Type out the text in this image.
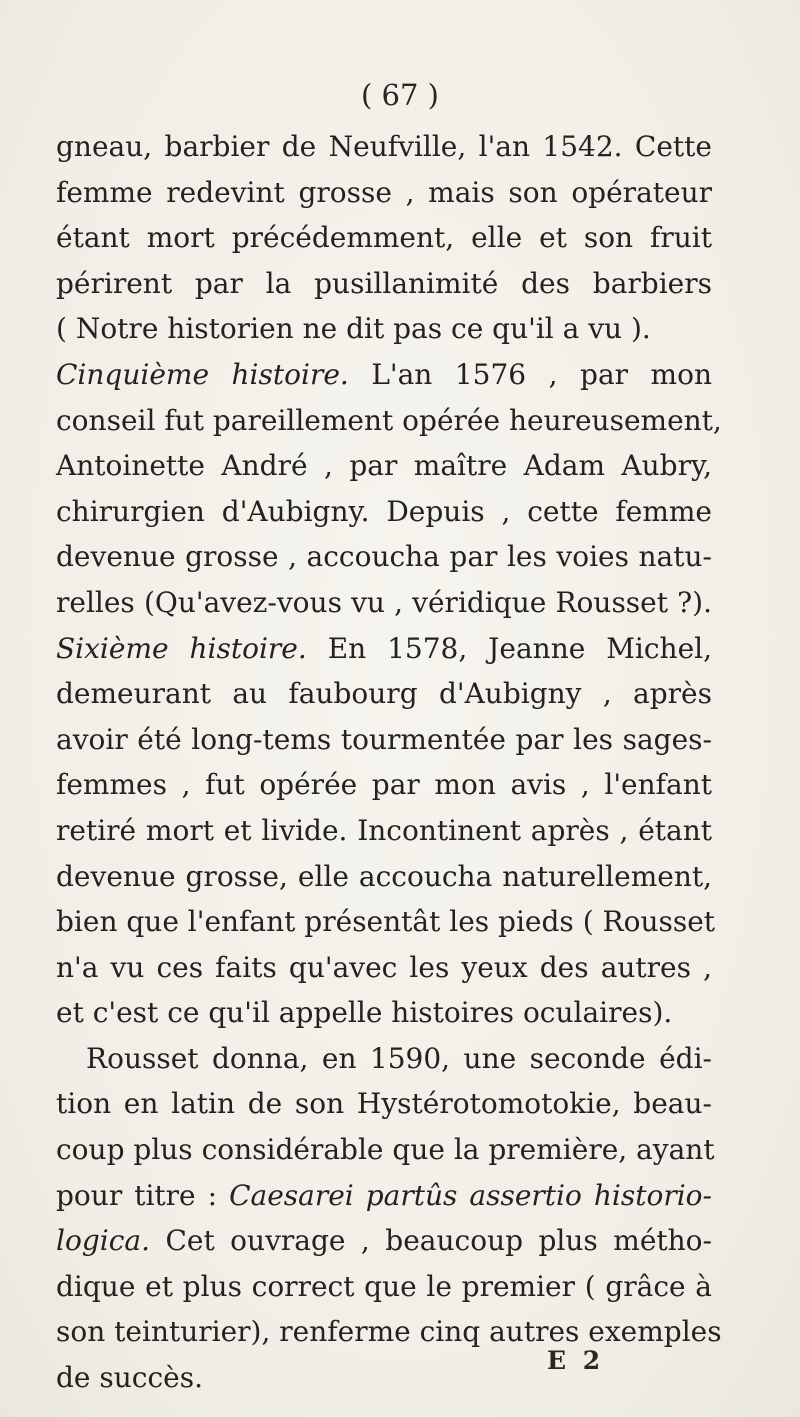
( 67 )
gneau, barbier de Neufville, l'an 1542. Cette
femme redevint grosse , mais son opérateur
étant mort précédemment, elle et son fruit
périrent par la pusillanimité des barbiers
( Notre historien ne dit pas ce qu'il a vu ).
Cinquième histoire. L'an 1576 , par mon
conseil fut pareillement opérée heureusement,
Antoinette André , par maître Adam Aubry,
chirurgien d'Aubigny. Depuis , cette femme
devenue grosse , accoucha par les voies natu-
relles (Qu'avez-vous vu , véridique Rousset ?).
Sixième histoire. En 1578, Jeanne Michel,
demeurant au faubourg d'Aubigny , après
avoir été long-tems tourmentée par les sages-
femmes , fut opérée par mon avis , l'enfant
retiré mort et livide. Incontinent après , étant
devenue grosse, elle accoucha naturellement,
bien que l'enfant présentât les pieds ( Rousset
n'a vu ces faits qu'avec les yeux des autres ,
et c'est ce qu'il appelle histoires oculaires).
Rousset donna, en 1590, une seconde édi-
tion en latin de son Hystérotomotokie, beau-
coup plus considérable que la première, ayant
pour titre : Caesarei partûs assertio historio-
logica. Cet ouvrage , beaucoup plus métho-
dique et plus correct que le premier ( grâce à
son teinturier), renferme cinq autres exemples
de succès.
E 2
